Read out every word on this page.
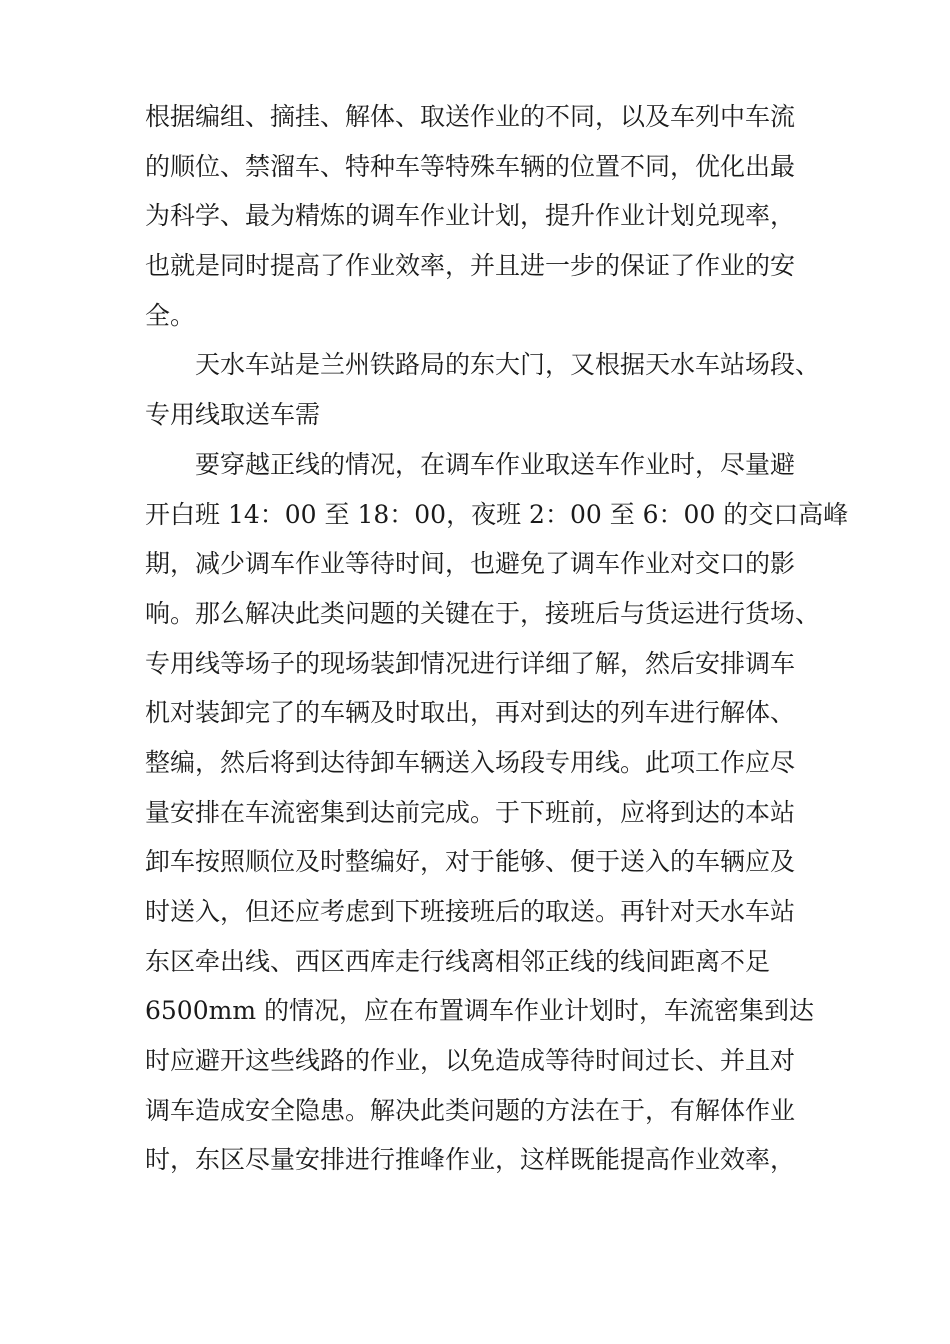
根据编组、摘挂、解体、取送作业的不同，以及车列中车流
的顺位、禁溜车、特种车等特殊车辆的位置不同，优化出最
为科学、最为精炼的调车作业计划，提升作业计划兑现率，
也就是同时提高了作业效率，并且进一步的保证了作业的安
全。
天水车站是兰州铁路局的东大门，又根据天水车站场段、
专用线取送车需
要穿越正线的情况，在调车作业取送车作业时，尽量避
开白班 14：00 至 18：00，夜班 2：00 至 6：00 的交口高峰
期，减少调车作业等待时间，也避免了调车作业对交口的影
响。那么解决此类问题的关键在于，接班后与货运进行货场、
专用线等场子的现场装卸情况进行详细了解，然后安排调车
机对装卸完了的车辆及时取出，再对到达的列车进行解体、
整编，然后将到达待卸车辆送入场段专用线。此项工作应尽
量安排在车流密集到达前完成。于下班前，应将到达的本站
卸车按照顺位及时整编好，对于能够、便于送入的车辆应及
时送入，但还应考虑到下班接班后的取送。再针对天水车站
东区牵出线、西区西库走行线离相邻正线的线间距离不足
6500mm 的情况，应在布置调车作业计划时，车流密集到达
时应避开这些线路的作业，以免造成等待时间过长、并且对
调车造成安全隐患。解决此类问题的方法在于，有解体作业
时，东区尽量安排进行推峰作业，这样既能提高作业效率，
